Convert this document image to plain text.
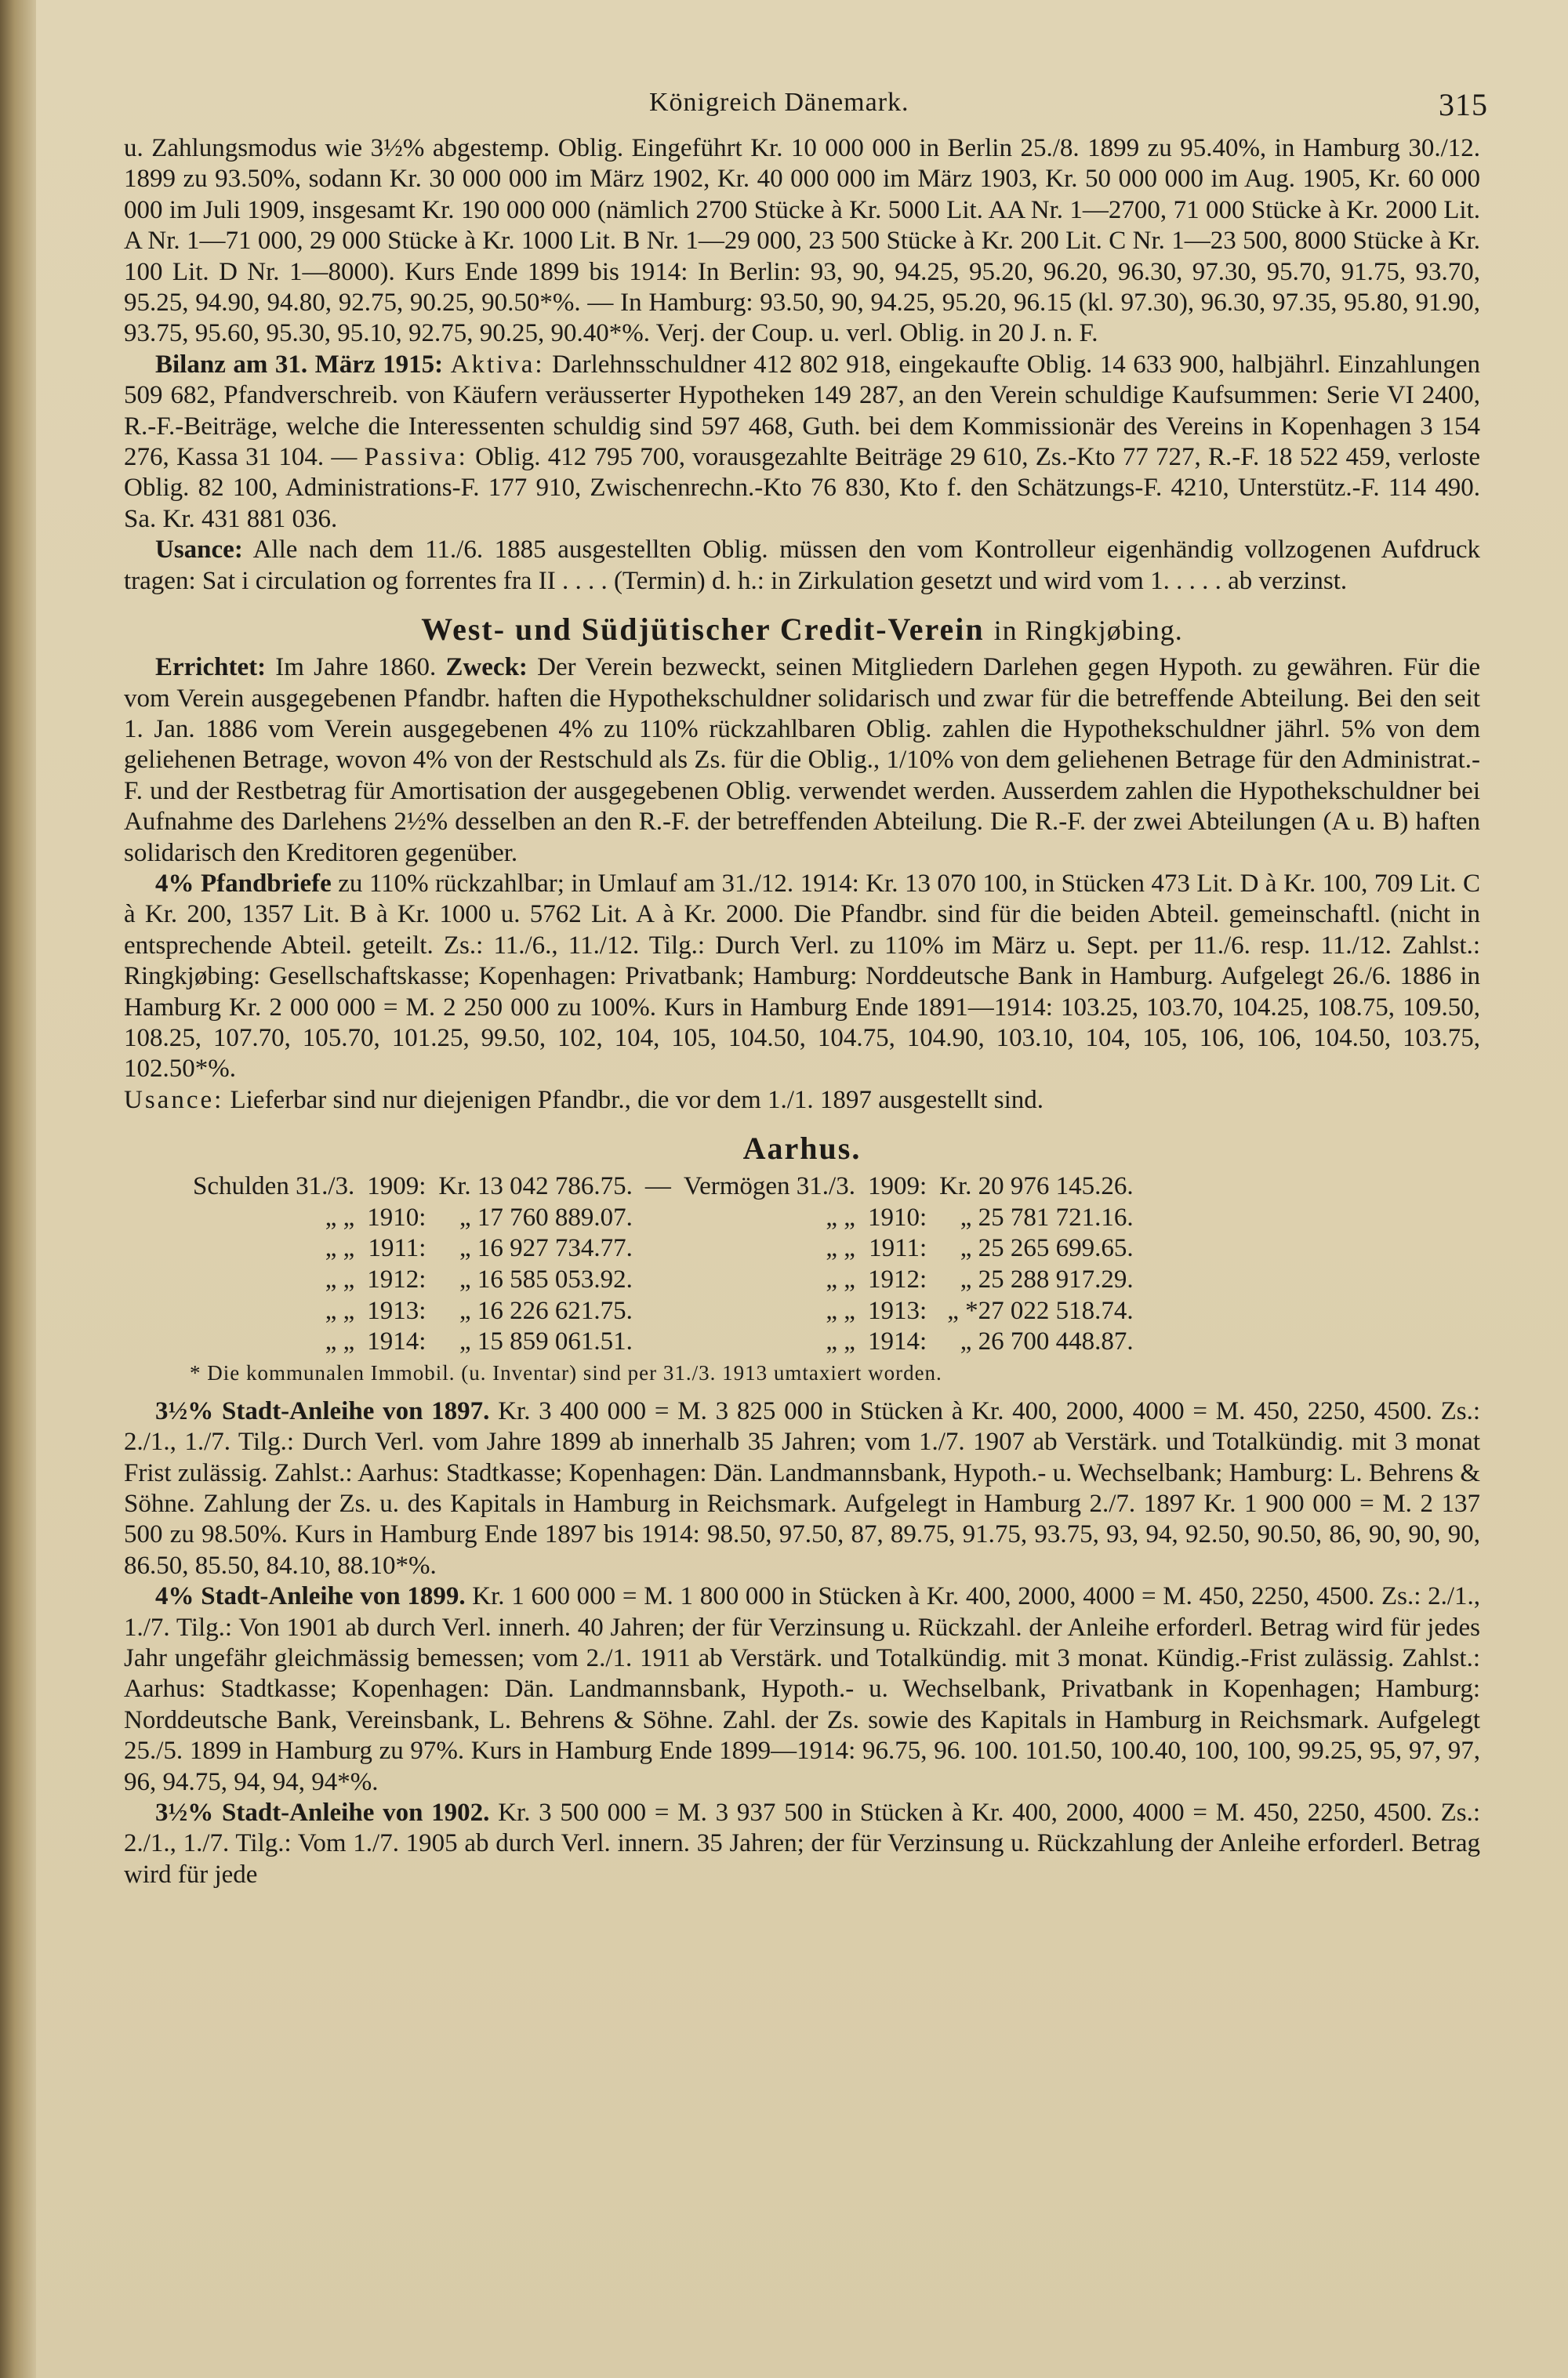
Königreich Dänemark.	315

u. Zahlungsmodus wie 3½% abgestemp. Oblig. Eingeführt Kr. 10 000 000 in Berlin 25./8. 1899 zu 95.40%, in Hamburg 30./12. 1899 zu 93.50%, sodann Kr. 30 000 000 im März 1902, Kr. 40 000 000 im März 1903, Kr. 50 000 000 im Aug. 1905, Kr. 60 000 000 im Juli 1909, insgesamt Kr. 190 000 000 (nämlich 2700 Stücke à Kr. 5000 Lit. AA Nr. 1—2700, 71 000 Stücke à Kr. 2000 Lit. A Nr. 1—71 000, 29 000 Stücke à Kr. 1000 Lit. B Nr. 1—29 000, 23 500 Stücke à Kr. 200 Lit. C Nr. 1—23 500, 8000 Stücke à Kr. 100 Lit. D Nr. 1—8000). Kurs Ende 1899 bis 1914: In Berlin: 93, 90, 94.25, 95.20, 96.20, 96.30, 97.30, 95.70, 91.75, 93.70, 95.25, 94.90, 94.80, 92.75, 90.25, 90.50*%. — In Hamburg: 93.50, 90, 94.25, 95.20, 96.15 (kl. 97.30), 96.30, 97.35, 95.80, 91.90, 93.75, 95.60, 95.30, 95.10, 92.75, 90.25, 90.40*%. Verj. der Coup. u. verl. Oblig. in 20 J. n. F.

Bilanz am 31. März 1915: Aktiva: Darlehnsschuldner 412 802 918, eingekaufte Oblig. 14 633 900, halbjährl. Einzahlungen 509 682, Pfandverschreib. von Käufern veräusserter Hypotheken 149 287, an den Verein schuldige Kaufsummen: Serie VI 2400, R.-F.-Beiträge, welche die Interessenten schuldig sind 597 468, Guth. bei dem Kommissionär des Vereins in Kopenhagen 3 154 276, Kassa 31 104. — Passiva: Oblig. 412 795 700, vorausgezahlte Beiträge 29 610, Zs.-Kto 77 727, R.-F. 18 522 459, verloste Oblig. 82 100, Administrations-F. 177 910, Zwischenrechn.-Kto 76 830, Kto f. den Schätzungs-F. 4210, Unterstütz.-F. 114 490. Sa. Kr. 431 881 036.

Usance: Alle nach dem 11./6. 1885 ausgestellten Oblig. müssen den vom Kontrolleur eigenhändig vollzogenen Aufdruck tragen: Sat i circulation og forrentes fra II . . . . (Termin) d. h.: in Zirkulation gesetzt und wird vom 1. . . . . ab verzinst.

West- und Südjütischer Credit-Verein in Ringkjøbing.

Errichtet: Im Jahre 1860. Zweck: Der Verein bezweckt, seinen Mitgliedern Darlehen gegen Hypoth. zu gewähren. Für die vom Verein ausgegebenen Pfandbr. haften die Hypothekschuldner solidarisch und zwar für die betreffende Abteilung. Bei den seit 1. Jan. 1886 vom Verein ausgegebenen 4% zu 110% rückzahlbaren Oblig. zahlen die Hypothekschuldner jährl. 5% von dem geliehenen Betrage, wovon 4% von der Restschuld als Zs. für die Oblig., 1/10% von dem geliehenen Betrage für den Administrat.-F. und der Restbetrag für Amortisation der ausgegebenen Oblig. verwendet werden. Ausserdem zahlen die Hypothekschuldner bei Aufnahme des Darlehens 2½% desselben an den R.-F. der betreffenden Abteilung. Die R.-F. der zwei Abteilungen (A u. B) haften solidarisch den Kreditoren gegenüber.

4% Pfandbriefe zu 110% rückzahlbar; in Umlauf am 31./12. 1914: Kr. 13 070 100, in Stücken 473 Lit. D à Kr. 100, 709 Lit. C à Kr. 200, 1357 Lit. B à Kr. 1000 u. 5762 Lit. A à Kr. 2000. Die Pfandbr. sind für die beiden Abteil. gemeinschaftl. (nicht in entsprechende Abteil. geteilt. Zs.: 11./6., 11./12. Tilg.: Durch Verl. zu 110% im März u. Sept. per 11./6. resp. 11./12. Zahlst.: Ringkjøbing: Gesellschaftskasse; Kopenhagen: Privatbank; Hamburg: Norddeutsche Bank in Hamburg. Aufgelegt 26./6. 1886 in Hamburg Kr. 2 000 000 = M. 2 250 000 zu 100%. Kurs in Hamburg Ende 1891—1914: 103.25, 103.70, 104.25, 108.75, 109.50, 108.25, 107.70, 105.70, 101.25, 99.50, 102, 104, 105, 104.50, 104.75, 104.90, 103.10, 104, 105, 106, 106, 104.50, 103.75, 102.50*%.

Usance: Lieferbar sind nur diejenigen Pfandbr., die vor dem 1./1. 1897 ausgestellt sind.

Aarhus.
Schulden 31./3.	1909:	Kr. 13 042 786.75.	—	Vermögen 31./3.	1909:	Kr. 20 976 145.26.
„ „	1910:	„ 17 760 889.07.		„ „	1910:	„ 25 781 721.16.
„ „	1911:	„ 16 927 734.77.		„ „	1911:	„ 25 265 699.65.
„ „	1912:	„ 16 585 053.92.		„ „	1912:	„ 25 288 917.29.
„ „	1913:	„ 16 226 621.75.		„ „	1913:	„ *27 022 518.74.
„ „	1914:	„ 15 859 061.51.		„ „	1914:	„ 26 700 448.87.
* Die kommunalen Immobil. (u. Inventar) sind per 31./3. 1913 umtaxiert worden.

3½% Stadt-Anleihe von 1897. Kr. 3 400 000 = M. 3 825 000 in Stücken à Kr. 400, 2000, 4000 = M. 450, 2250, 4500. Zs.: 2./1., 1./7. Tilg.: Durch Verl. vom Jahre 1899 ab innerhalb 35 Jahren; vom 1./7. 1907 ab Verstärk. und Totalkündig. mit 3 monat Frist zulässig. Zahlst.: Aarhus: Stadtkasse; Kopenhagen: Dän. Landmannsbank, Hypoth.- u. Wechselbank; Hamburg: L. Behrens & Söhne. Zahlung der Zs. u. des Kapitals in Hamburg in Reichsmark. Aufgelegt in Hamburg 2./7. 1897 Kr. 1 900 000 = M. 2 137 500 zu 98.50%. Kurs in Hamburg Ende 1897 bis 1914: 98.50, 97.50, 87, 89.75, 91.75, 93.75, 93, 94, 92.50, 90.50, 86, 90, 90, 90, 86.50, 85.50, 84.10, 88.10*%.

4% Stadt-Anleihe von 1899. Kr. 1 600 000 = M. 1 800 000 in Stücken à Kr. 400, 2000, 4000 = M. 450, 2250, 4500. Zs.: 2./1., 1./7. Tilg.: Von 1901 ab durch Verl. innerh. 40 Jahren; der für Verzinsung u. Rückzahl. der Anleihe erforderl. Betrag wird für jedes Jahr ungefähr gleichmässig bemessen; vom 2./1. 1911 ab Verstärk. und Totalkündig. mit 3 monat. Kündig.-Frist zulässig. Zahlst.: Aarhus: Stadtkasse; Kopenhagen: Dän. Landmannsbank, Hypoth.- u. Wechselbank, Privatbank in Kopenhagen; Hamburg: Norddeutsche Bank, Vereinsbank, L. Behrens & Söhne. Zahl. der Zs. sowie des Kapitals in Hamburg in Reichsmark. Aufgelegt 25./5. 1899 in Hamburg zu 97%. Kurs in Hamburg Ende 1899—1914: 96.75, 96. 100. 101.50, 100.40, 100, 100, 99.25, 95, 97, 97, 96, 94.75, 94, 94, 94*%.

3½% Stadt-Anleihe von 1902. Kr. 3 500 000 = M. 3 937 500 in Stücken à Kr. 400, 2000, 4000 = M. 450, 2250, 4500. Zs.: 2./1., 1./7. Tilg.: Vom 1./7. 1905 ab durch Verl. innern. 35 Jahren; der für Verzinsung u. Rückzahlung der Anleihe erforderl. Betrag wird für jede
